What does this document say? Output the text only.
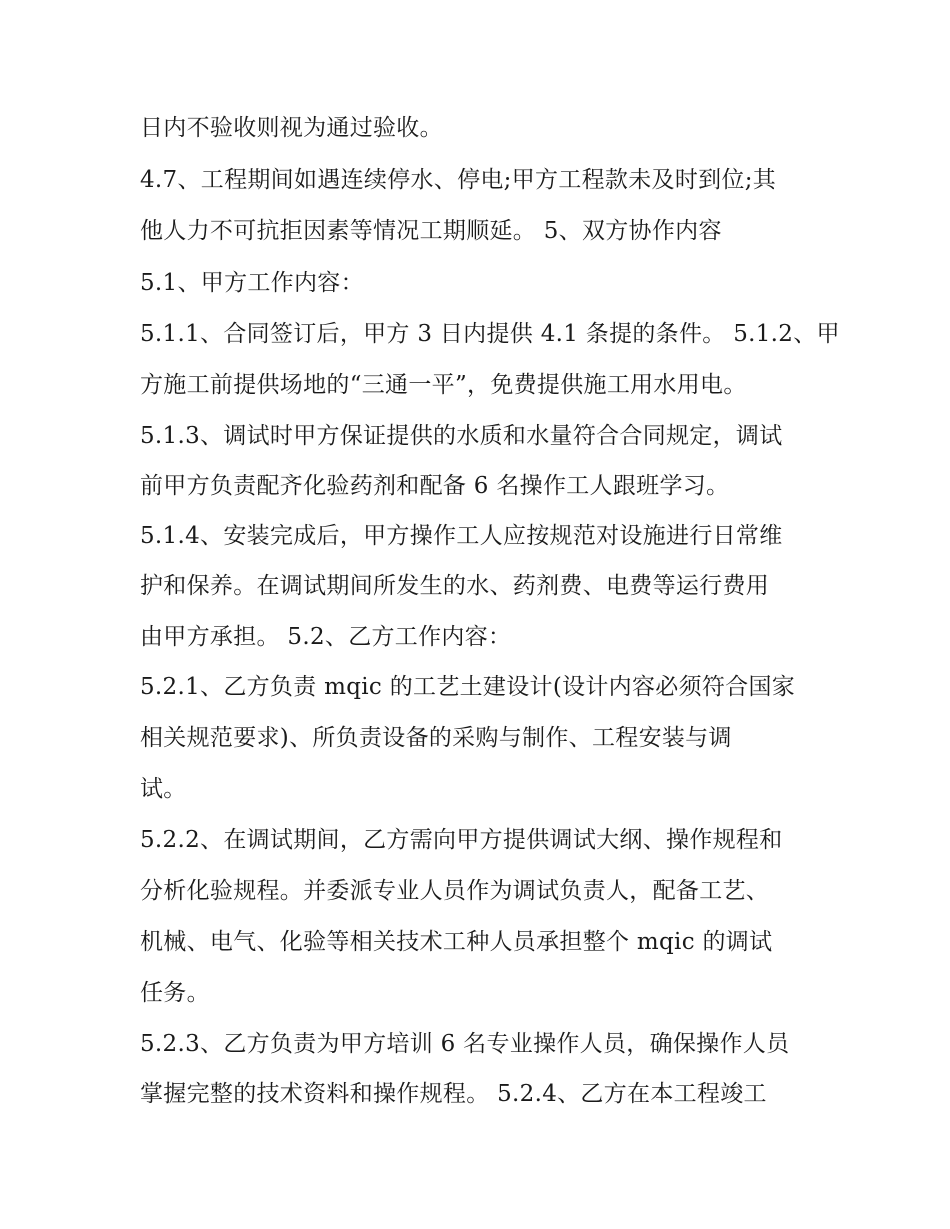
日内不验收则视为通过验收。
4.7、工程期间如遇连续停水、停电;甲方工程款未及时到位;其
他人力不可抗拒因素等情况工期顺延。 5、双方协作内容
5.1、甲方工作内容：
5.1.1、合同签订后，甲方 3 日内提供 4.1 条提的条件。 5.1.2、甲
方施工前提供场地的“三通一平”，免费提供施工用水用电。
5.1.3、调试时甲方保证提供的水质和水量符合合同规定，调试
前甲方负责配齐化验药剂和配备 6 名操作工人跟班学习。
5.1.4、安装完成后，甲方操作工人应按规范对设施进行日常维
护和保养。在调试期间所发生的水、药剂费、电费等运行费用
由甲方承担。 5.2、乙方工作内容：
5.2.1、乙方负责 mqic 的工艺土建设计(设计内容必须符合国家
相关规范要求)、所负责设备的采购与制作、工程安装与调
试。
5.2.2、在调试期间，乙方需向甲方提供调试大纲、操作规程和
分析化验规程。并委派专业人员作为调试负责人，配备工艺、
机械、电气、化验等相关技术工种人员承担整个 mqic 的调试
任务。
5.2.3、乙方负责为甲方培训 6 名专业操作人员，确保操作人员
掌握完整的技术资料和操作规程。 5.2.4、乙方在本工程竣工
